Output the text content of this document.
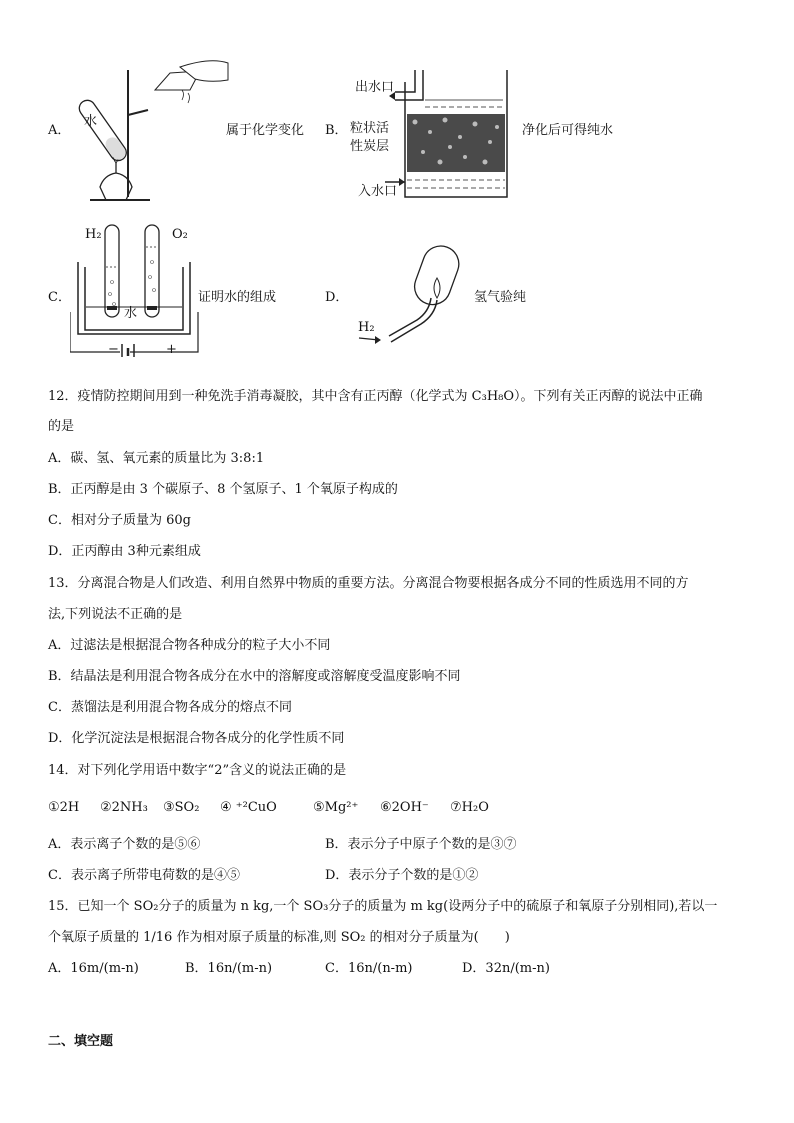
A．
水
属于化学变化 B．
出水口
粒状活
性炭层
入水口
净化后可得纯水
C．
H₂	O₂
水
−	+
证明水的组成	D．
H₂
氢气验纯
12．疫情防控期间用到一种免洗手消毒凝胶，其中含有正丙醇（化学式为 C₃H₈O）。下列有关正丙醇的说法中正确
的是
A．碳、氢、氧元素的质量比为 3:8:1
B．正丙醇是由 3 个碳原子、8 个氢原子、1 个氧原子构成的
C．相对分子质量为 60g
D．正丙醇由 3种元素组成
13．分离混合物是人们改造、利用自然界中物质的重要方法。分离混合物要根据各成分不同的性质选用不同的方
法,下列说法不正确的是
A．过滤法是根据混合物各种成分的粒子大小不同
B．结晶法是利用混合物各成分在水中的溶解度或溶解度受温度影响不同
C．蒸馏法是利用混合物各成分的熔点不同
D．化学沉淀法是根据混合物各成分的化学性质不同
14．对下列化学用语中数字“2”含义的说法正确的是
①2H ②2NH₃ ③SO₂ ④ ⁺²CuO	⑤Mg²⁺ ⑥2OH⁻ ⑦H₂O
A．表示离子个数的是⑤⑥	B．表示分子中原子个数的是③⑦
C．表示离子所带电荷数的是④⑤	D．表示分子个数的是①②
15．已知一个 SO₂分子的质量为 n kg,一个 SO₃分子的质量为 m kg(设两分子中的硫原子和氧原子分别相同),若以一
个氧原子质量的 1/16 作为相对原子质量的标准,则 SO₂ 的相对分子质量为(　　)
A．16m/(m-n)	B．16n/(m-n)	C．16n/(n-m)	D．32n/(m-n)
二、填空题
